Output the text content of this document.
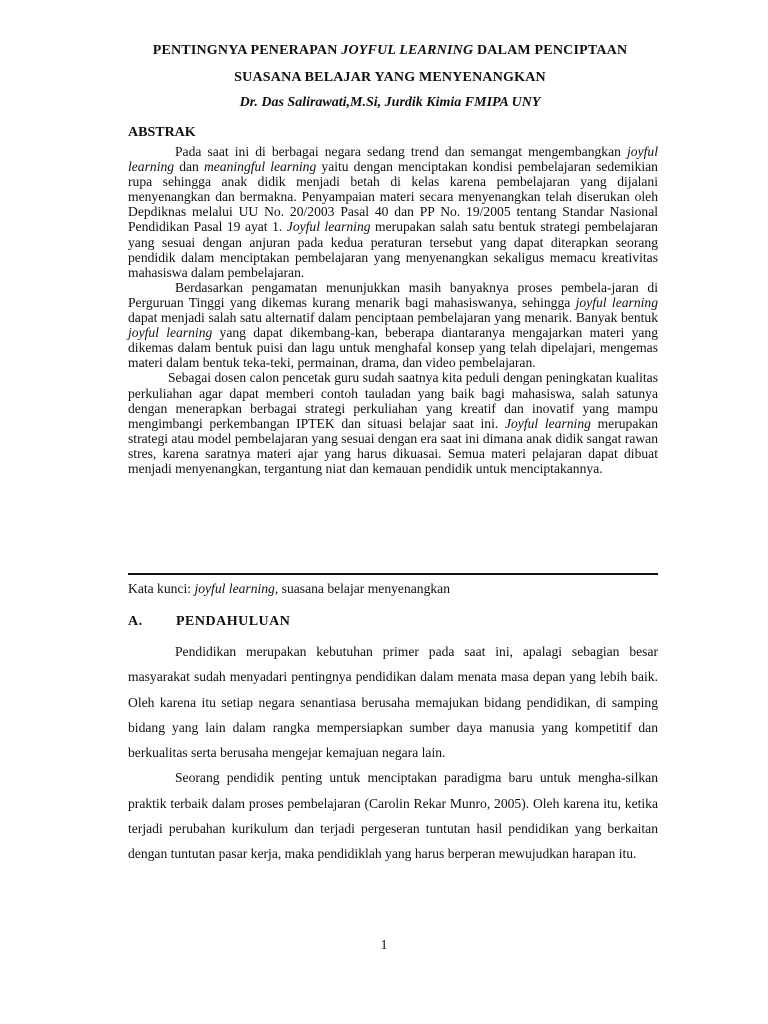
PENTINGNYA PENERAPAN JOYFUL LEARNING DALAM PENCIPTAAN
SUASANA BELAJAR YANG MENYENANGKAN
Dr. Das Salirawati,M.Si, Jurdik Kimia FMIPA UNY
ABSTRAK

Pada saat ini di berbagai negara sedang trend dan semangat mengembangkan joyful learning dan meaningful learning yaitu dengan menciptakan kondisi pembelajaran sedemikian rupa sehingga anak didik menjadi betah di kelas karena pembelajaran yang dijalani menyenangkan dan bermakna. Penyampaian materi secara menyenangkan telah diserukan oleh Depdiknas melalui UU No. 20/2003 Pasal 40 dan PP No. 19/2005 tentang Standar Nasional Pendidikan Pasal 19 ayat 1. Joyful learning merupakan salah satu bentuk strategi pembelajaran yang sesuai dengan anjuran pada kedua peraturan tersebut yang dapat diterapkan seorang pendidik dalam menciptakan pembelajaran yang menyenangkan sekaligus memacu kreativitas mahasiswa dalam pembelajaran.

Berdasarkan pengamatan menunjukkan masih banyaknya proses pembela-jaran di Perguruan Tinggi yang dikemas kurang menarik bagi mahasiswanya, sehingga joyful learning dapat menjadi salah satu alternatif dalam penciptaan pembelajaran yang menarik. Banyak bentuk joyful learning yang dapat dikembang-kan, beberapa diantaranya mengajarkan materi yang dikemas dalam bentuk puisi dan lagu untuk menghafal konsep yang telah dipelajari, mengemas materi dalam bentuk teka-teki, permainan, drama, dan video pembelajaran.

Sebagai dosen calon pencetak guru sudah saatnya kita peduli dengan peningkatan kualitas perkuliahan agar dapat memberi contoh tauladan yang baik bagi mahasiswa, salah satunya dengan menerapkan berbagai strategi perkuliahan yang kreatif dan inovatif yang mampu mengimbangi perkembangan IPTEK dan situasi belajar saat ini. Joyful learning merupakan strategi atau model pembelajaran yang sesuai dengan era saat ini dimana anak didik sangat rawan stres, karena saratnya materi ajar yang harus dikuasai. Semua materi pelajaran dapat dibuat menjadi menyenangkan, tergantung niat dan kemauan pendidik untuk menciptakannya.

Kata kunci: joyful learning, suasana belajar menyenangkan
A. PENDAHULUAN

Pendidikan merupakan kebutuhan primer pada saat ini, apalagi sebagian besar masyarakat sudah menyadari pentingnya pendidikan dalam menata masa depan yang lebih baik. Oleh karena itu setiap negara senantiasa berusaha memajukan bidang pendidikan, di samping bidang yang lain dalam rangka mempersiapkan sumber daya manusia yang kompetitif dan berkualitas serta berusaha mengejar kemajuan negara lain.

Seorang pendidik penting untuk menciptakan paradigma baru untuk mengha-silkan praktik terbaik dalam proses pembelajaran (Carolin Rekar Munro, 2005). Oleh karena itu, ketika terjadi perubahan kurikulum dan terjadi pergeseran tuntutan hasil pendidikan yang berkaitan dengan tuntutan pasar kerja, maka pendidiklah yang harus berperan mewujudkan harapan itu.

1
